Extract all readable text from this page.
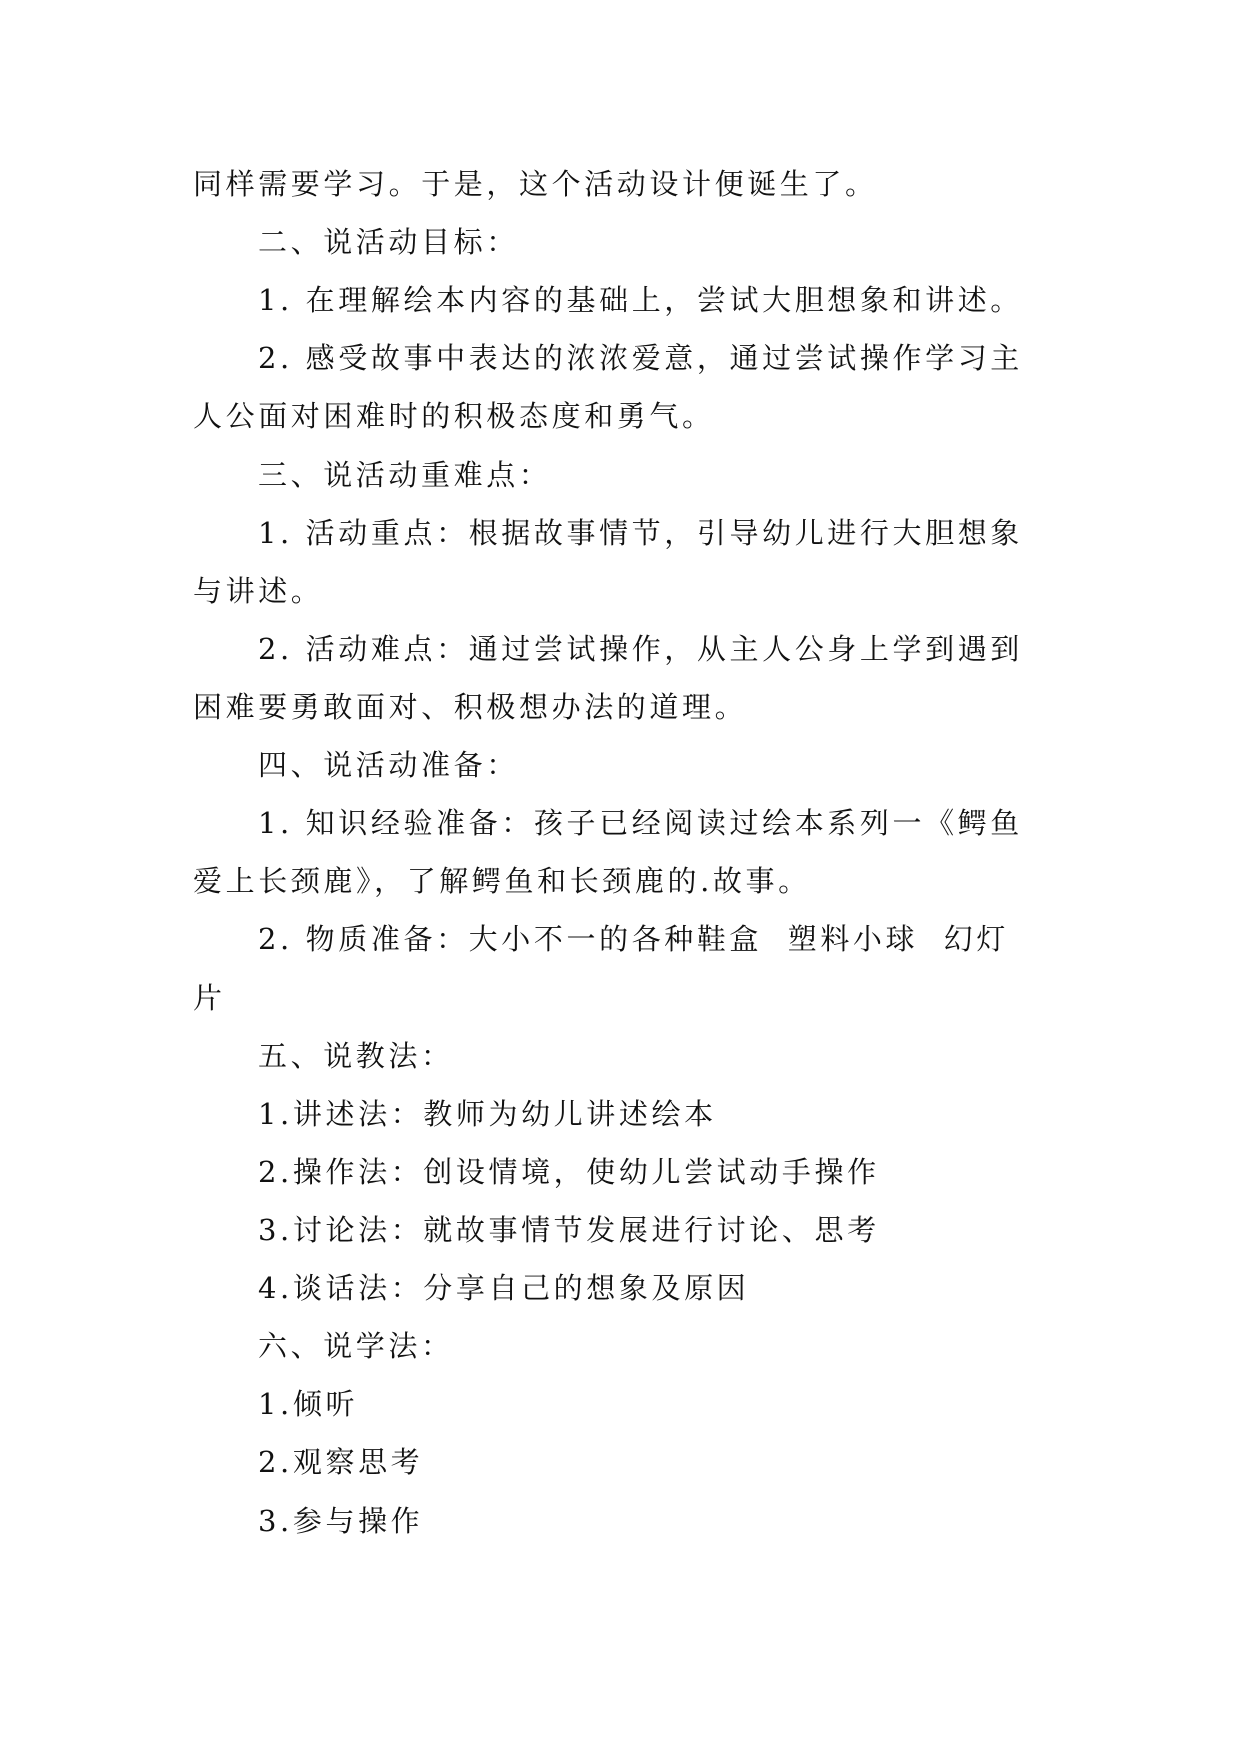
同样需要学习。于是，这个活动设计便诞生了。
二、说活动目标：
1. 在理解绘本内容的基础上，尝试大胆想象和讲述。
2. 感受故事中表达的浓浓爱意，通过尝试操作学习主
人公面对困难时的积极态度和勇气。
三、说活动重难点：
1. 活动重点：根据故事情节，引导幼儿进行大胆想象
与讲述。
2. 活动难点：通过尝试操作，从主人公身上学到遇到
困难要勇敢面对、积极想办法的道理。
四、说活动准备：
1. 知识经验准备：孩子已经阅读过绘本系列一《鳄鱼
爱上长颈鹿》，了解鳄鱼和长颈鹿的.故事。
2. 物质准备：大小不一的各种鞋盒  塑料小球  幻灯
片
五、说教法：
1.讲述法：教师为幼儿讲述绘本
2.操作法：创设情境，使幼儿尝试动手操作
3.讨论法：就故事情节发展进行讨论、思考
4.谈话法：分享自己的想象及原因
六、说学法：
1.倾听
2.观察思考
3.参与操作
